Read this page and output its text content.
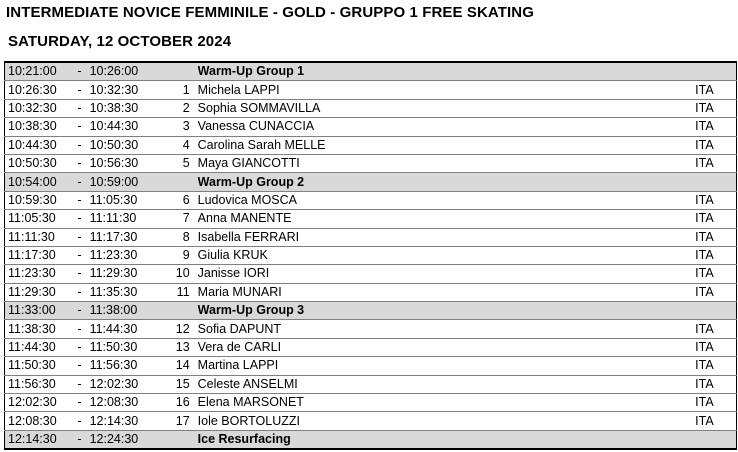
INTERMEDIATE NOVICE FEMMINILE - GOLD - GRUPPO 1 FREE SKATING
SATURDAY, 12 OCTOBER 2024
10:21:00	-	10:26:00		Warm-Up Group 1	
10:26:30	-	10:32:30	1	Michela LAPPI	ITA
10:32:30	-	10:38:30	2	Sophia SOMMAVILLA	ITA
10:38:30	-	10:44:30	3	Vanessa CUNACCIA	ITA
10:44:30	-	10:50:30	4	Carolina Sarah MELLE	ITA
10:50:30	-	10:56:30	5	Maya GIANCOTTI	ITA
10:54:00	-	10:59:00		Warm-Up Group 2	
10:59:30	-	11:05:30	6	Ludovica MOSCA	ITA
11:05:30	-	11:11:30	7	Anna MANENTE	ITA
11:11:30	-	11:17:30	8	Isabella FERRARI	ITA
11:17:30	-	11:23:30	9	Giulia KRUK	ITA
11:23:30	-	11:29:30	10	Janisse IORI	ITA
11:29:30	-	11:35:30	11	Maria MUNARI	ITA
11:33:00	-	11:38:00		Warm-Up Group 3	
11:38:30	-	11:44:30	12	Sofia DAPUNT	ITA
11:44:30	-	11:50:30	13	Vera de CARLI	ITA
11:50:30	-	11:56:30	14	Martina LAPPI	ITA
11:56:30	-	12:02:30	15	Celeste ANSELMI	ITA
12:02:30	-	12:08:30	16	Elena MARSONET	ITA
12:08:30	-	12:14:30	17	Iole BORTOLUZZI	ITA
12:14:30	-	12:24:30		Ice Resurfacing	
